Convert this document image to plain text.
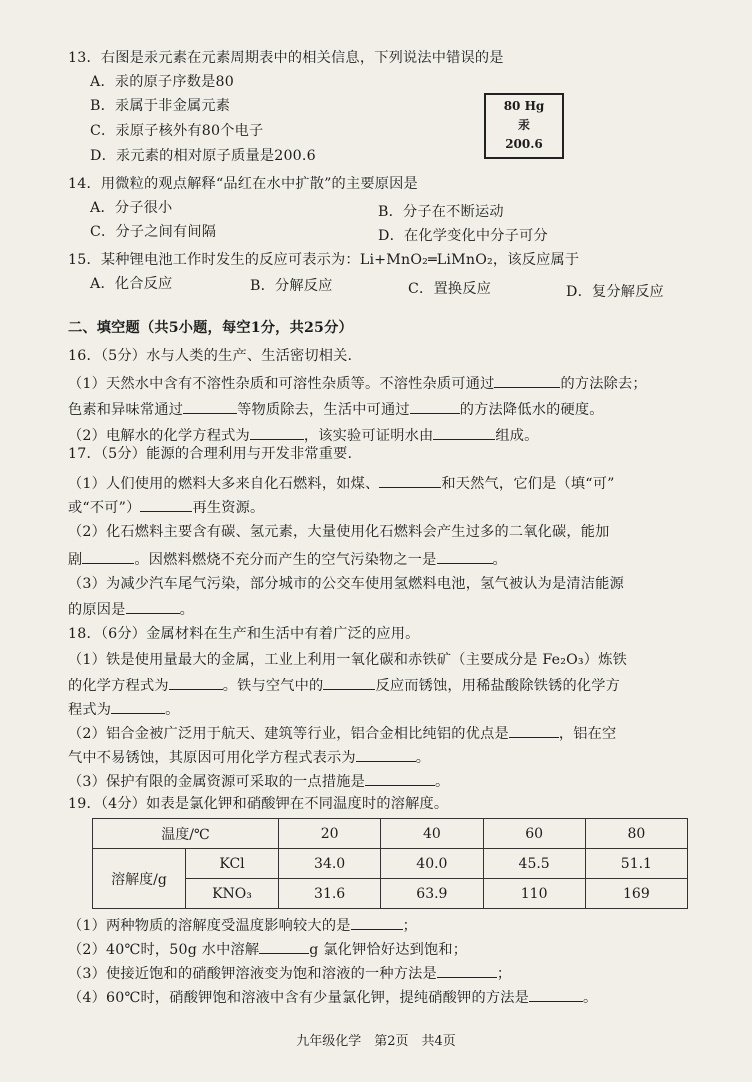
13．右图是汞元素在元素周期表中的相关信息，下列说法中错误的是
A．汞的原子序数是80
B．汞属于非金属元素
C．汞原子核外有80个电子
D．汞元素的相对原子质量是200.6
80 Hg
汞
200.6
14．用微粒的观点解释“品红在水中扩散”的主要原因是
A．分子很小	B．分子在不断运动
C．分子之间有间隔	D．在化学变化中分子可分
15．某种锂电池工作时发生的反应可表示为：Li+MnO₂═LiMnO₂，该反应属于
A．化合反应	B．分解反应	C．置换反应	D．复分解反应
二、填空题（共5小题，每空1分，共25分）
16．（5分）水与人类的生产、生活密切相关.
（1）天然水中含有不溶性杂质和可溶性杂质等。不溶性杂质可通过	的方法除去；
色素和异味常通过	等物质除去，生活中可通过	的方法降低水的硬度。
（2）电解水的化学方程式为	，该实验可证明水由	组成。
17．（5分）能源的合理利用与开发非常重要.
（1）人们使用的燃料大多来自化石燃料，如煤、	和天然气，它们是（填“可”
或“不可”）	再生资源。
（2）化石燃料主要含有碳、氢元素，大量使用化石燃料会产生过多的二氧化碳，能加
剧	。因燃料燃烧不充分而产生的空气污染物之一是	。
（3）为减少汽车尾气污染，部分城市的公交车使用氢燃料电池，氢气被认为是清洁能源
的原因是	。
18．（6分）金属材料在生产和生活中有着广泛的应用。
（1）铁是使用量最大的金属，工业上利用一氧化碳和赤铁矿（主要成分是 Fe₂O₃）炼铁
的化学方程式为	。铁与空气中的	反应而锈蚀，用稀盐酸除铁锈的化学方
程式为	。
（2）铝合金被广泛用于航天、建筑等行业，铝合金相比纯铝的优点是	，铝在空
气中不易锈蚀，其原因可用化学方程式表示为	。
（3）保护有限的金属资源可采取的一点措施是	。
19．（4分）如表是氯化钾和硝酸钾在不同温度时的溶解度。
温度/℃		20	40	60	80
溶解度/g	KCl	34.0	40.0	45.5	51.1
	KNO₃	31.6	63.9	110	169
（1）两种物质的溶解度受温度影响较大的是	；
（2）40℃时，50g 水中溶解	g 氯化钾恰好达到饱和；
（3）使接近饱和的硝酸钾溶液变为饱和溶液的一种方法是	；
（4）60℃时，硝酸钾饱和溶液中含有少量氯化钾，提纯硝酸钾的方法是	。
九年级化学　第2页　共4页
